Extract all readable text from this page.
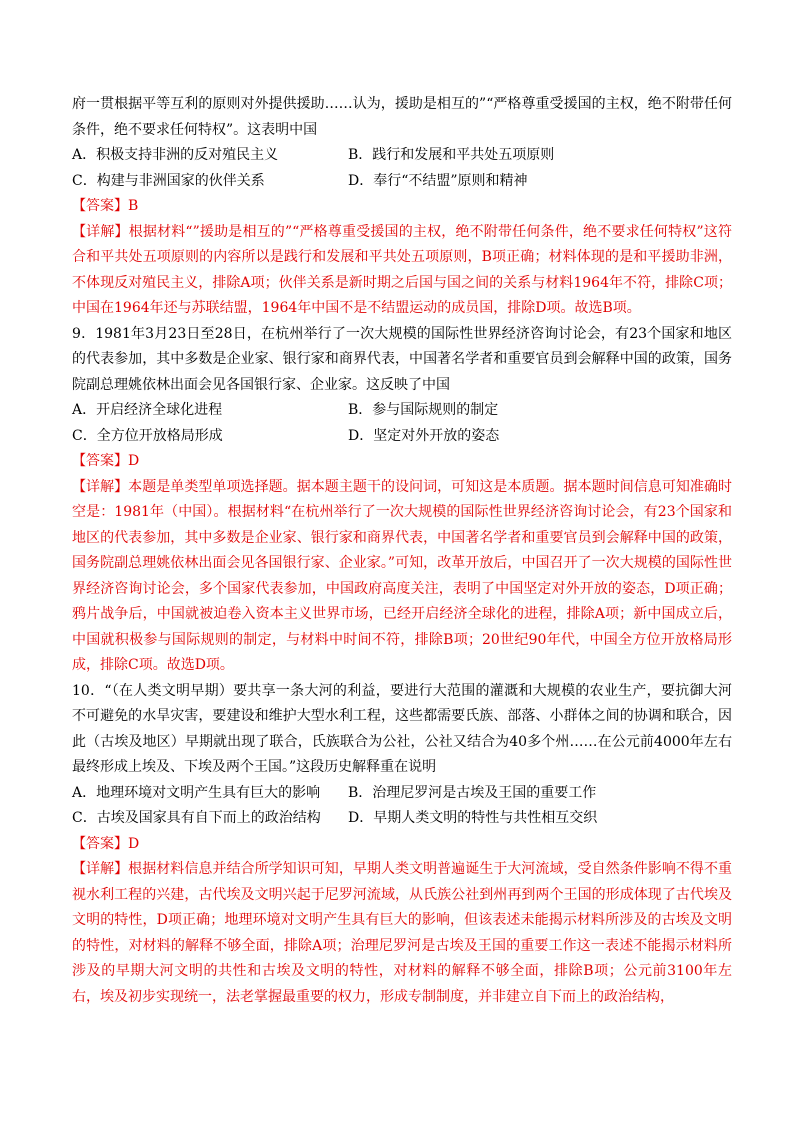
府一贯根据平等互利的原则对外提供援助……认为，援助是相互的”“严格尊重受援国的主权，绝不附带任何条件，绝不要求任何特权”。这表明中国

A．积极支持非洲的反对殖民主义	B．践行和发展和平共处五项原则
C．构建与非洲国家的伙伴关系	D．奉行“不结盟”原则和精神

【答案】B

【详解】根据材料“”援助是相互的”“严格尊重受援国的主权，绝不附带任何条件，绝不要求任何特权”这符合和平共处五项原则的内容所以是践行和发展和平共处五项原则，B项正确；材料体现的是和平援助非洲，不体现反对殖民主义，排除A项；伙伴关系是新时期之后国与国之间的关系与材料1964年不符，排除C项；中国在1964年还与苏联结盟，1964年中国不是不结盟运动的成员国，排除D项。故选B项。

9．1981年3月23日至28日，在杭州举行了一次大规模的国际性世界经济咨询讨论会，有23个国家和地区的代表参加，其中多数是企业家、银行家和商界代表，中国著名学者和重要官员到会解释中国的政策，国务院副总理姚依林出面会见各国银行家、企业家。这反映了中国

A．开启经济全球化进程	B．参与国际规则的制定
C．全方位开放格局形成	D．坚定对外开放的姿态

【答案】D

【详解】本题是单类型单项选择题。据本题主题干的设问词，可知这是本质题。据本题时间信息可知准确时空是：1981年（中国）。根据材料“在杭州举行了一次大规模的国际性世界经济咨询讨论会，有23个国家和地区的代表参加，其中多数是企业家、银行家和商界代表，中国著名学者和重要官员到会解释中国的政策，国务院副总理姚依林出面会见各国银行家、企业家。”可知，改革开放后，中国召开了一次大规模的国际性世界经济咨询讨论会，多个国家代表参加，中国政府高度关注，表明了中国坚定对外开放的姿态，D项正确；鸦片战争后，中国就被迫卷入资本主义世界市场，已经开启经济全球化的进程，排除A项；新中国成立后，中国就积极参与国际规则的制定，与材料中时间不符，排除B项；20世纪90年代，中国全方位开放格局形成，排除C项。故选D项。

10．“（在人类文明早期）要共享一条大河的利益，要进行大范围的灌溉和大规模的农业生产，要抗御大河不可避免的水旱灾害，要建设和维护大型水利工程，这些都需要氏族、部落、小群体之间的协调和联合，因此（古埃及地区）早期就出现了联合，氏族联合为公社，公社又结合为40多个州……在公元前4000年左右最终形成上埃及、下埃及两个王国。”这段历史解释重在说明

A．地理环境对文明产生具有巨大的影响	B．治理尼罗河是古埃及王国的重要工作
C．古埃及国家具有自下而上的政治结构	D．早期人类文明的特性与共性相互交织

【答案】D

【详解】根据材料信息并结合所学知识可知，早期人类文明普遍诞生于大河流域，受自然条件影响不得不重视水利工程的兴建，古代埃及文明兴起于尼罗河流域，从氏族公社到州再到两个王国的形成体现了古代埃及文明的特性，D项正确；地理环境对文明产生具有巨大的影响，但该表述未能揭示材料所涉及的古埃及文明的特性，对材料的解释不够全面，排除A项；治理尼罗河是古埃及王国的重要工作这一表述不能揭示材料所涉及的早期大河文明的共性和古埃及文明的特性，对材料的解释不够全面，排除B项；公元前3100年左右，埃及初步实现统一，法老掌握最重要的权力，形成专制制度，并非建立自下而上的政治结构，
